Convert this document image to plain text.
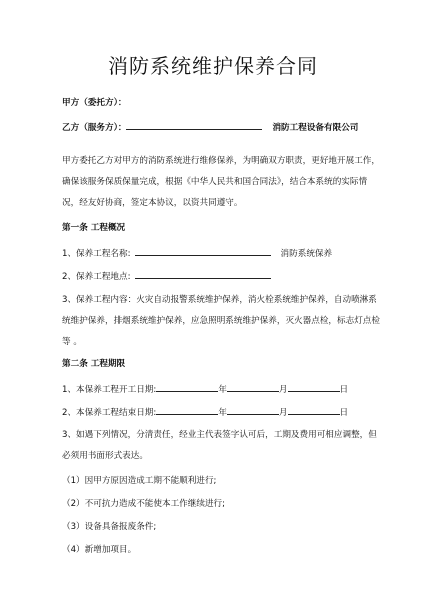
消防系统维护保养合同
甲方（委托方）：
乙方（服务方）：	消防工程设备有限公司
甲方委托乙方对甲方的消防系统进行维修保养，为明确双方职责，更好地开展工作，确保该服务保质保量完成，根据《中华人民共和国合同法》，结合本系统的实际情况，经友好协商，签定本协议，以资共同遵守。
第一条 工程概况
1、保养工程名称:	消防系统保养
2、保养工程地点:
3、保养工程内容：火灾自动报警系统维护保养，消火栓系统维护保养，自动喷淋系统维护保养，排烟系统维护保养，应急照明系统维护保养，灭火器点检，标志灯点检等 。
第二条 工程期限
1、本保养工程开工日期:	年	月	日
2、本保养工程结束日期:	年	月	日
3、如遇下列情况，分清责任，经业主代表签字认可后，工期及费用可相应调整，但必须用书面形式表达。
（1）因甲方原因造成工期不能顺利进行;
（2）不可抗力造成不能使本工作继续进行;
（3）设备具备报废条件;
（4）新增加项目。
